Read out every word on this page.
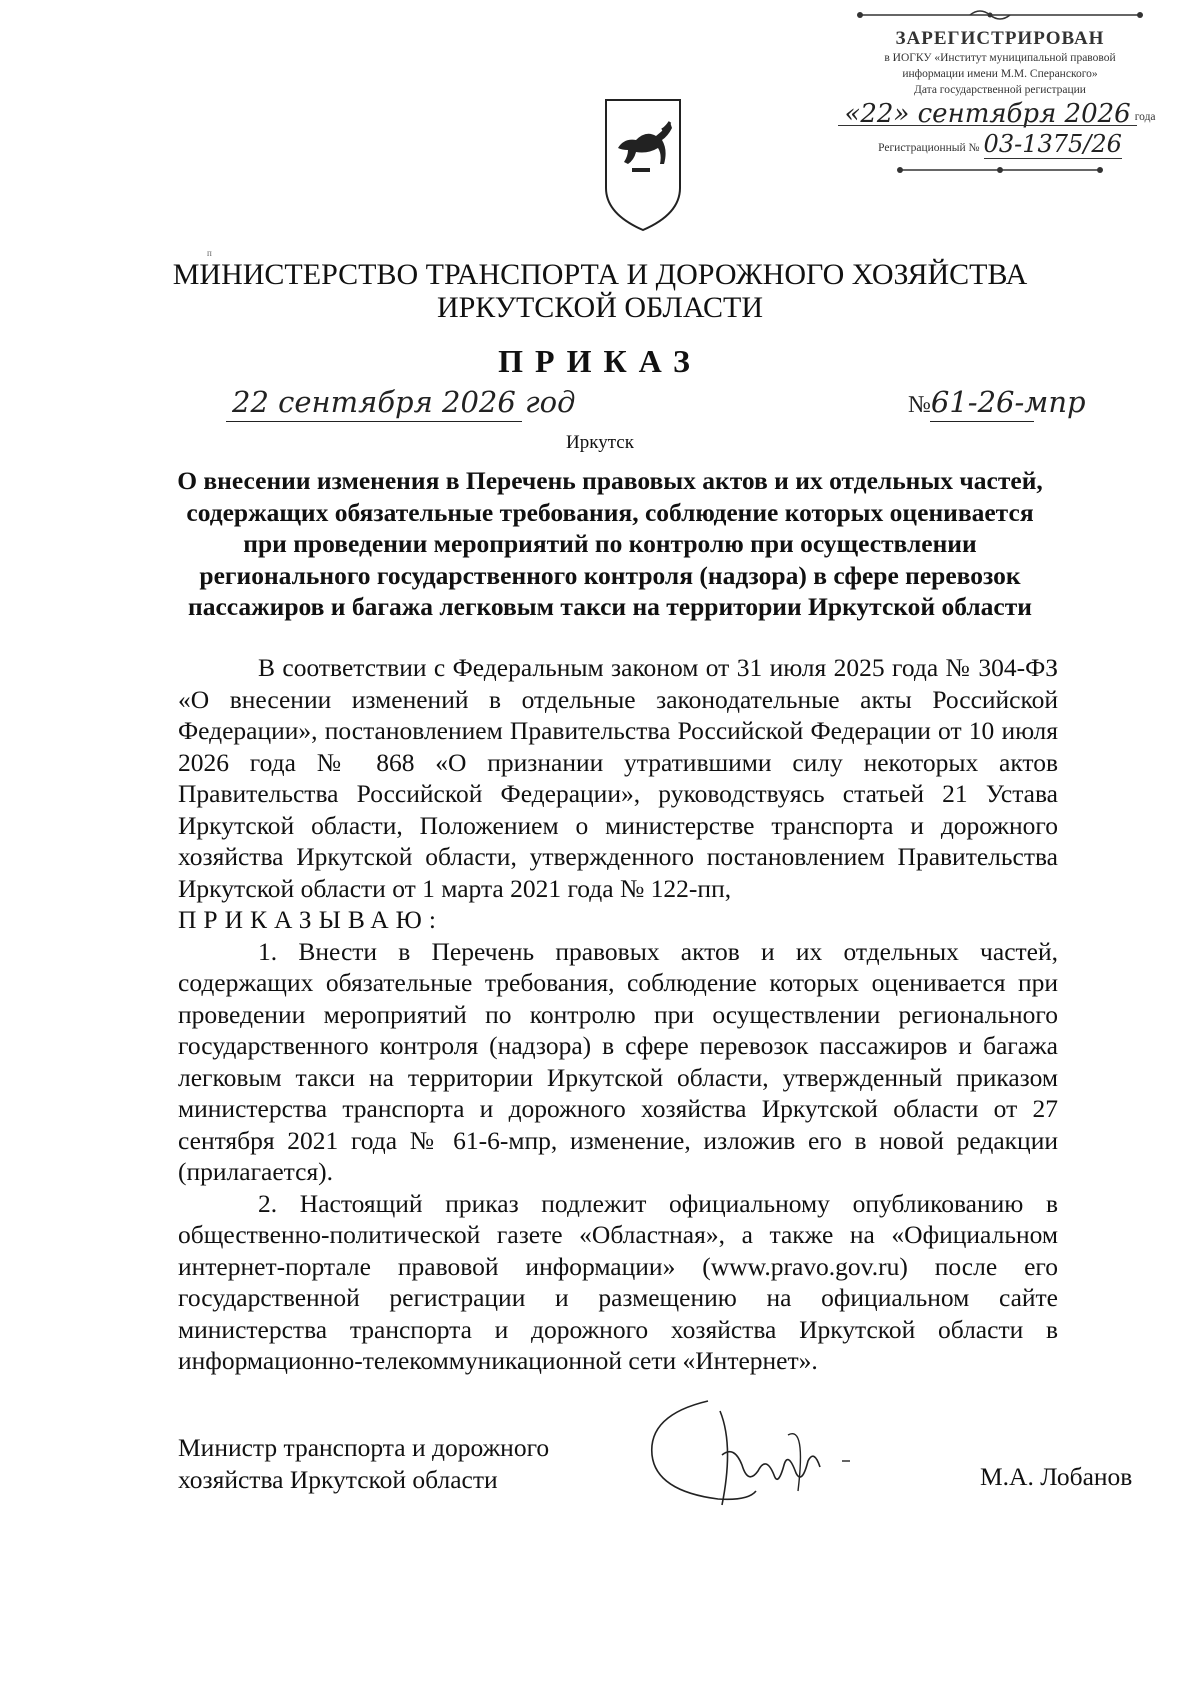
п
ЗАРЕГИСТРИРОВАН
в ИОГКУ «Институт муниципальной правовой
информации имени М.М. Сперанского»
Дата государственной регистрации
«22» сентября 2026 года
Регистрационный № 03-1375/26
МИНИСТЕРСТВО ТРАНСПОРТА И ДОРОЖНОГО ХОЗЯЙСТВА
ИРКУТСКОЙ ОБЛАСТИ
ПРИКАЗ
22 сентября 2026 год	№61-26-мпр
Иркутск
О внесении изменения в Перечень правовых актов и их отдельных частей,
содержащих обязательные требования, соблюдение которых оценивается
при проведении мероприятий по контролю при осуществлении
регионального государственного контроля (надзора) в сфере перевозок
пассажиров и багажа легковым такси на территории Иркутской области

В соответствии с Федеральным законом от 31 июля 2025 года № 304-ФЗ «О внесении изменений в отдельные законодательные акты Российской Федерации», постановлением Правительства Российской Федерации от 10 июля 2026 года № 868 «О признании утратившими силу некоторых актов Правительства Российской Федерации», руководствуясь статьей 21 Устава Иркутской области, Положением о министерстве транспорта и дорожного хозяйства Иркутской области, утвержденного постановлением Правительства Иркутской области от 1 марта 2021 года № 122-пп,

ПРИКАЗЫВАЮ:

1. Внести в Перечень правовых актов и их отдельных частей, содержащих обязательные требования, соблюдение которых оценивается при проведении мероприятий по контролю при осуществлении регионального государственного контроля (надзора) в сфере перевозок пассажиров и багажа легковым такси на территории Иркутской области, утвержденный приказом министерства транспорта и дорожного хозяйства Иркутской области от 27 сентября 2021 года № 61-6-мпр, изменение, изложив его в новой редакции (прилагается).

2. Настоящий приказ подлежит официальному опубликованию в общественно-политической газете «Областная», а также на «Официальном интернет-портале правовой информации» (www.pravo.gov.ru) после его государственной регистрации и размещению на официальном сайте министерства транспорта и дорожного хозяйства Иркутской области в информационно-телекоммуникационной сети «Интернет».

Министр транспорта и дорожного
хозяйства Иркутской области	М.А. Лобанов
